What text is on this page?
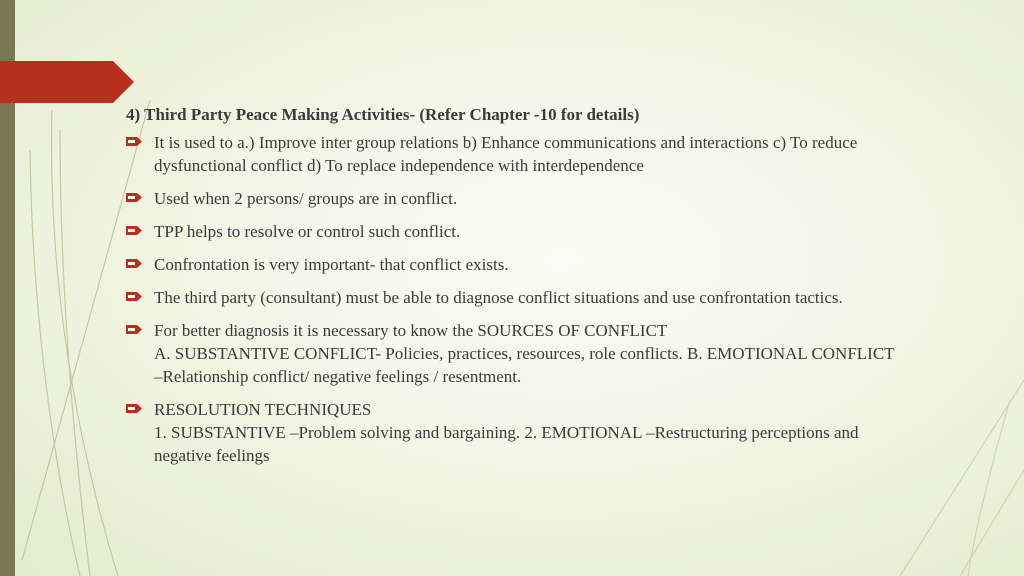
4) Third Party Peace Making Activities- (Refer Chapter -10 for details)
It is used to a.) Improve inter group relations b) Enhance communications and interactions c) To reduce
dysfunctional conflict d) To replace independence with interdependence
Used when 2 persons/ groups are in conflict.
TPP helps to resolve or control such conflict.
Confrontation is very important- that conflict exists.
The third party (consultant) must be able to diagnose conflict situations and use confrontation tactics.
For better diagnosis it is necessary to know the SOURCES OF CONFLICT
A. SUBSTANTIVE CONFLICT- Policies, practices, resources, role conflicts. B. EMOTIONAL CONFLICT
–Relationship conflict/ negative feelings / resentment.
RESOLUTION TECHNIQUES
1. SUBSTANTIVE –Problem solving and bargaining. 2. EMOTIONAL –Restructuring perceptions and
negative feelings
